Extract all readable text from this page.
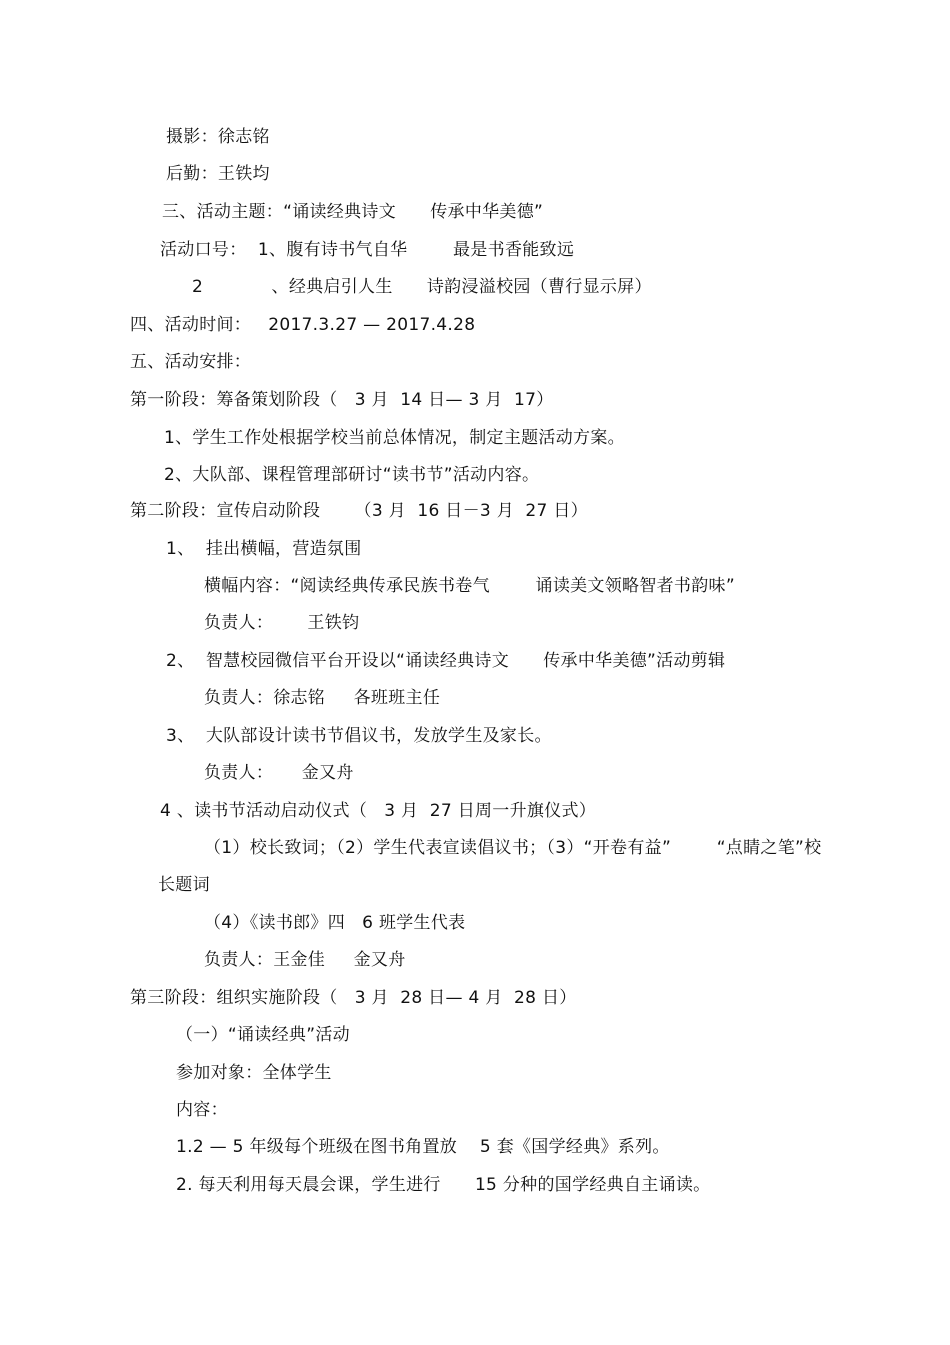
摄影：徐志铭
后勤：王铁均
三、活动主题：“诵读经典诗文      传承中华美德”
活动口号：  1、腹有诗书气自华        最是书香能致远
2            、经典启引人生      诗韵浸溢校园（曹行显示屏）
四、活动时间：   2017.3.27 — 2017.4.28
五、活动安排：
第一阶段：筹备策划阶段（   3 月  14 日— 3 月  17）
1、学生工作处根据学校当前总体情况，制定主题活动方案。
2、大队部、课程管理部研讨“读书节”活动内容。
第二阶段：宣传启动阶段      （3 月  16 日－3 月  27 日）
1、  挂出横幅，营造氛围
横幅内容：“阅读经典传承民族书卷气        诵读美文领略智者书韵味”
负责人：      王铁钧
2、  智慧校园微信平台开设以“诵读经典诗文      传承中华美德”活动剪辑
负责人：徐志铭     各班班主任
3、  大队部设计读书节倡议书，发放学生及家长。
负责人：     金又舟
4 、读书节活动启动仪式（   3 月  27 日周一升旗仪式）
（1）校长致词；（2）学生代表宣读倡议书；（3）“开卷有益”        “点睛之笔”校
长题词
（4）《读书郎》四   6 班学生代表
负责人：王金佳     金又舟
第三阶段：组织实施阶段（   3 月  28 日— 4 月  28 日）
（一）“诵读经典”活动
参加对象：全体学生
内容：
1.2 — 5 年级每个班级在图书角置放    5 套《国学经典》系列。
2. 每天利用每天晨会课，学生进行      15 分种的国学经典自主诵读。
